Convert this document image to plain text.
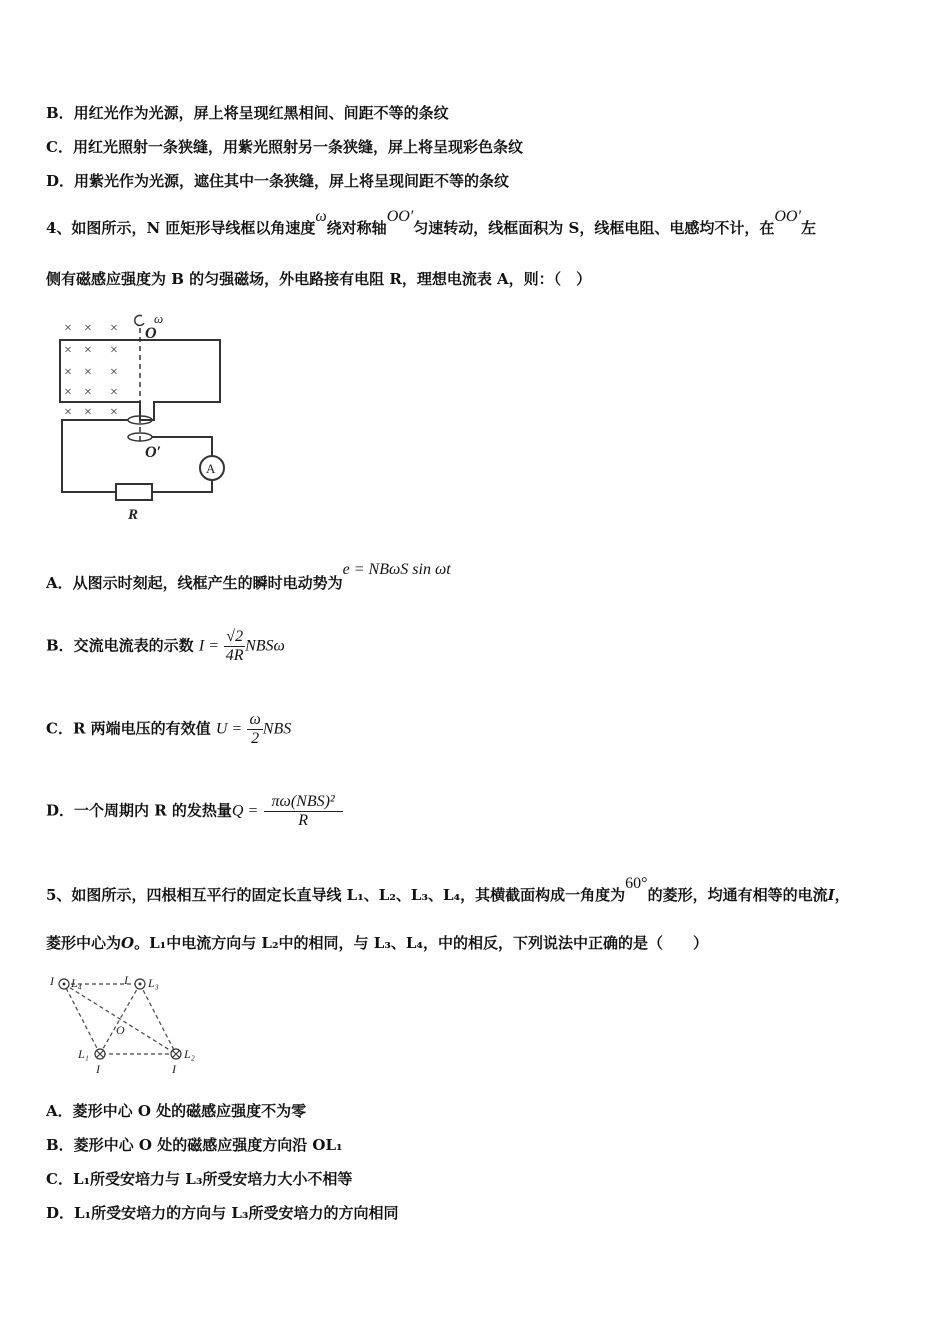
B．用红光作为光源，屏上将呈现红黑相间、间距不等的条纹
C．用红光照射一条狭缝，用紫光照射另一条狭缝，屏上将呈现彩色条纹
D．用紫光作为光源，遮住其中一条狭缝，屏上将呈现间距不等的条纹
4、如图所示，N 匝矩形导线框以角速度ω绕对称轴OO′匀速转动，线框面积为 S，线框电阻、电感均不计，在OO′左
侧有磁感应强度为 B 的匀强磁场，外电路接有电阻 R，理想电流表 A，则：（　）
× × ×
× × ×
× × ×
× × ×
× × ×
A
R
ω
O
O′
A．从图示时刻起，线框产生的瞬时电动势为e = NBωS sin ωt
B．交流电流表的示数 $I = \frac{√2}{4R}$ NBSω
C．R 两端电压的有效值 $U = \frac{\omega}{2}$ NBS
D．一个周期内 R 的发热量$Q = \frac{\text{πω(NBS)²}}{R}$
5、如图所示，四根相互平行的固定长直导线 L₁、L₂、L₃、L₄，其横截面构成一角度为60°的菱形，均通有相等的电流I，
菱形中心为O。L₁中电流方向与 L₂中的相同，与 L₃、L₄，中的相反，下列说法中正确的是（　　）
I L₄	I L₃
O
L₁
I
L₂
I
A．菱形中心 O 处的磁感应强度不为零
B．菱形中心 O 处的磁感应强度方向沿 OL₁
C．L₁所受安培力与 L₃所受安培力大小不相等
D．L₁所受安培力的方向与 L₃所受安培力的方向相同
